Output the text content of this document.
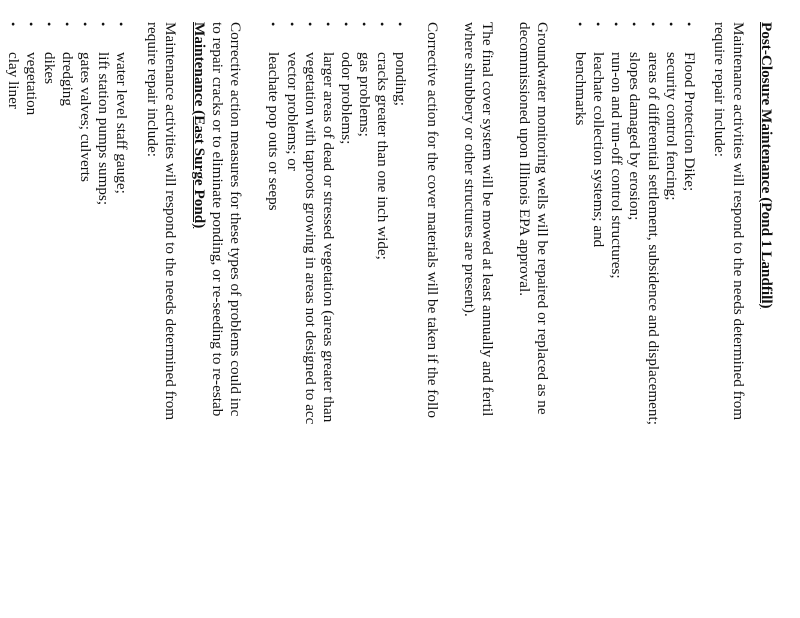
Post-Closure Maintenance (Pond 1 Landfill)

Maintenance activities will respond to the needs determined from

require repair include:

•
Flood Protection Dike;
•
security control fencing;
•
areas of differential settlement, subsidence and displacement;
•
slopes damaged by erosion;
•
run-on and run-off control structures;
•
leachate collection systems; and
•
benchmarks

Groundwater monitoring wells will be repaired or replaced as ne

decommissioned upon Illinois EPA approval.

The final cover system will be mowed at least annually and fertil

where shrubbery or other structures are present).

Corrective action for the cover materials will be taken if the follo

•
ponding;
•
cracks greater than one inch wide;
•
gas problems;
•
odor problems;
•
larger areas of dead or stressed vegetation (areas greater than
•
vegetation with taproots growing in areas not designed to acc
•
vector problems; or
•
leachate pop outs or seeps

Corrective action measures for these types of problems could inc

to repair cracks or to eliminate ponding, or re-seeding to re-estab

Maintenance (East Surge Pond)

Maintenance activities will respond to the needs determined from

require repair include:

•
water level staff gauge;
•
lift station pumps sumps;
•
gates valves; culverts
•
dredging
•
dikes
•
vegetation
•
clay liner
